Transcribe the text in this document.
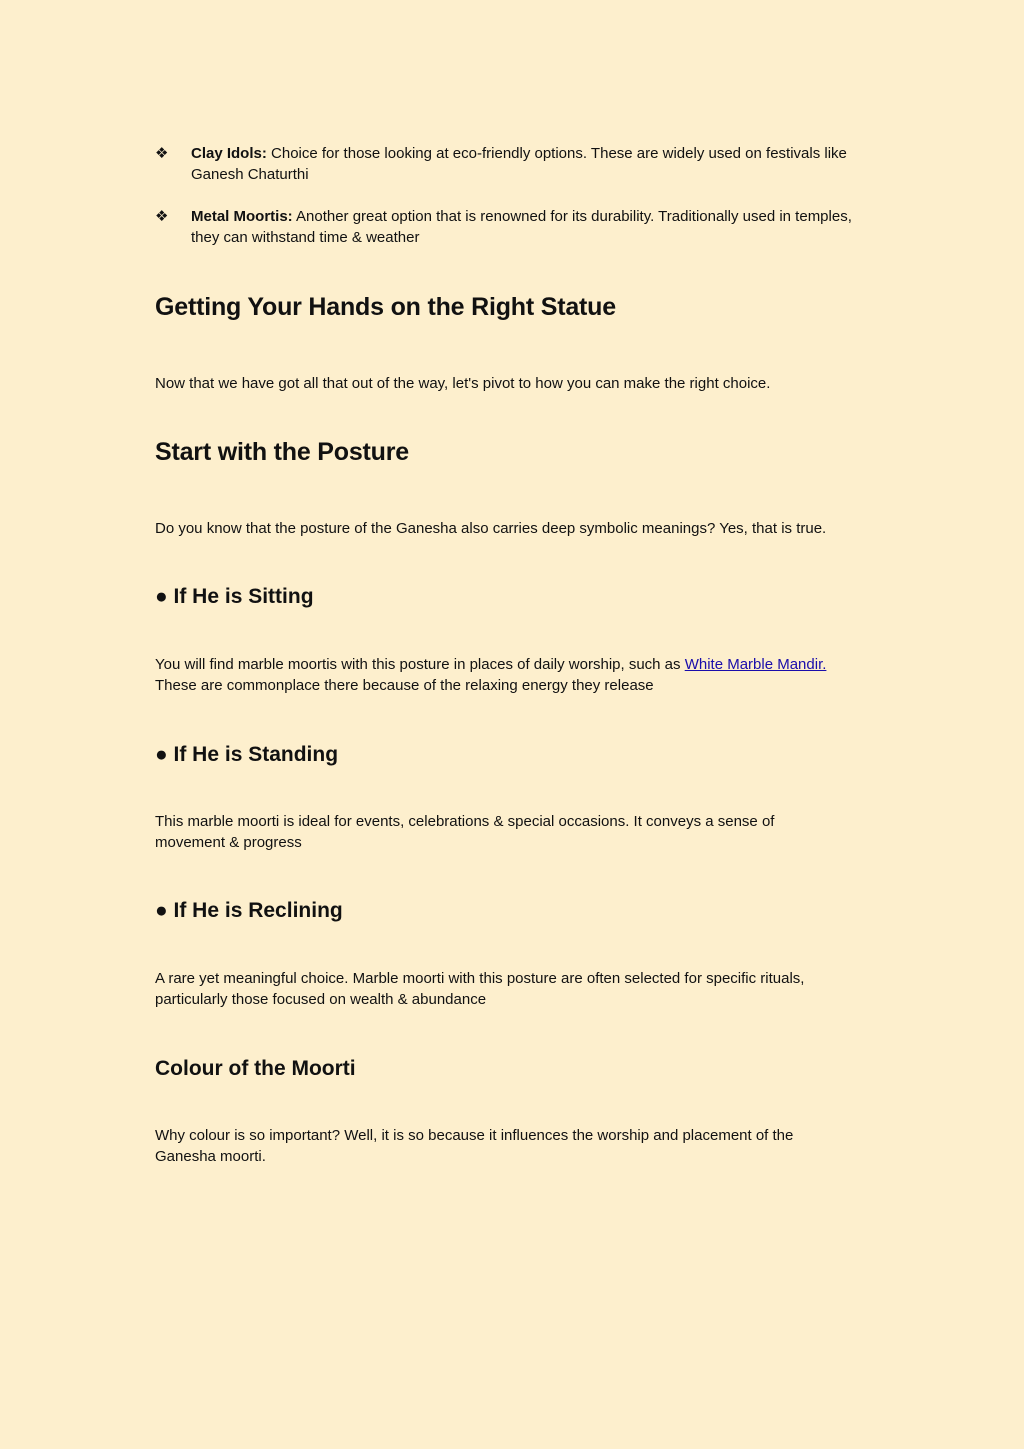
❖ Clay Idols: Choice for those looking at eco-friendly options. These are widely used on festivals like Ganesh Chaturthi
❖ Metal Moortis: Another great option that is renowned for its durability. Traditionally used in temples, they can withstand time & weather
Getting Your Hands on the Right Statue

Now that we have got all that out of the way, let's pivot to how you can make the right choice.

Start with the Posture

Do you know that the posture of the Ganesha also carries deep symbolic meanings? Yes, that is true.

● If He is Sitting

You will find marble moortis with this posture in places of daily worship, such as White Marble Mandir.
These are commonplace there because of the relaxing energy they release

● If He is Standing

This marble moorti is ideal for events, celebrations & special occasions. It conveys a sense of movement & progress

● If He is Reclining

A rare yet meaningful choice. Marble moorti with this posture are often selected for specific rituals, particularly those focused on wealth & abundance

Colour of the Moorti

Why colour is so important? Well, it is so because it influences the worship and placement of the Ganesha moorti.
